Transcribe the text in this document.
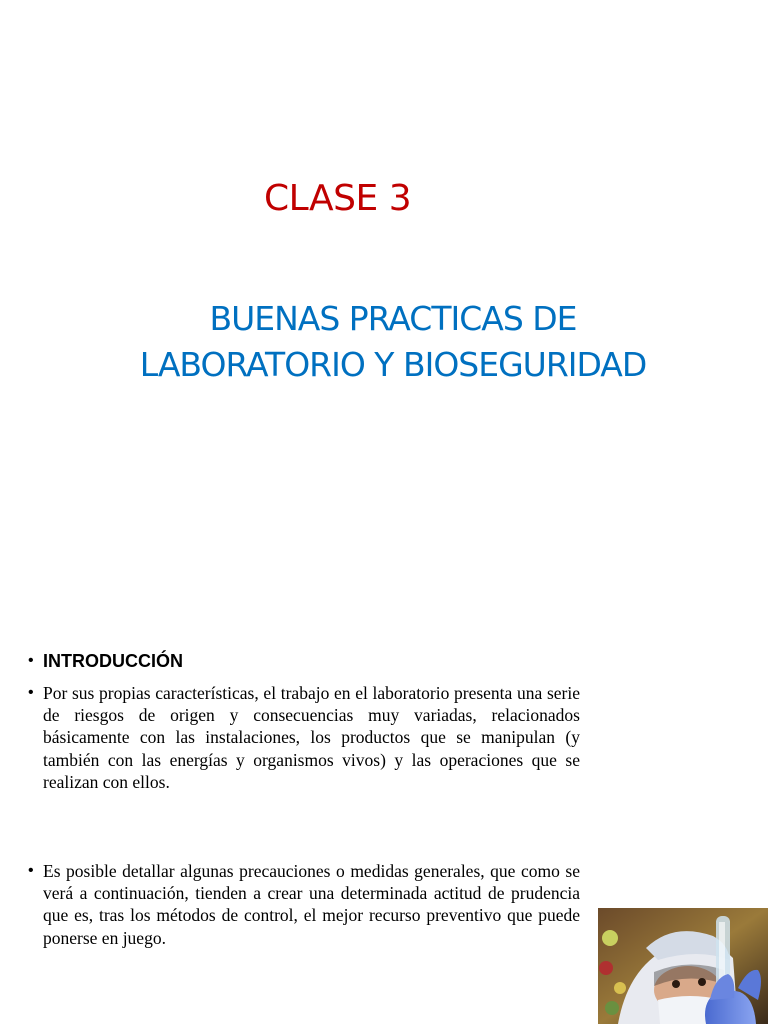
CLASE 3
BUENAS PRACTICAS DE
LABORATORIO Y BIOSEGURIDAD
• INTRODUCCIÓN
• Por sus propias características, el trabajo en el laboratorio presenta una serie de riesgos de origen y consecuencias muy variadas, relacionados básicamente con las instalaciones, los productos que se manipulan (y también con las energías y organismos vivos) y las operaciones que se realizan con ellos.
• Es posible detallar algunas precauciones o medidas generales, que como se verá a continuación, tienden a crear una determinada actitud de prudencia que es, tras los métodos de control, el mejor recurso preventivo que puede ponerse en juego.
